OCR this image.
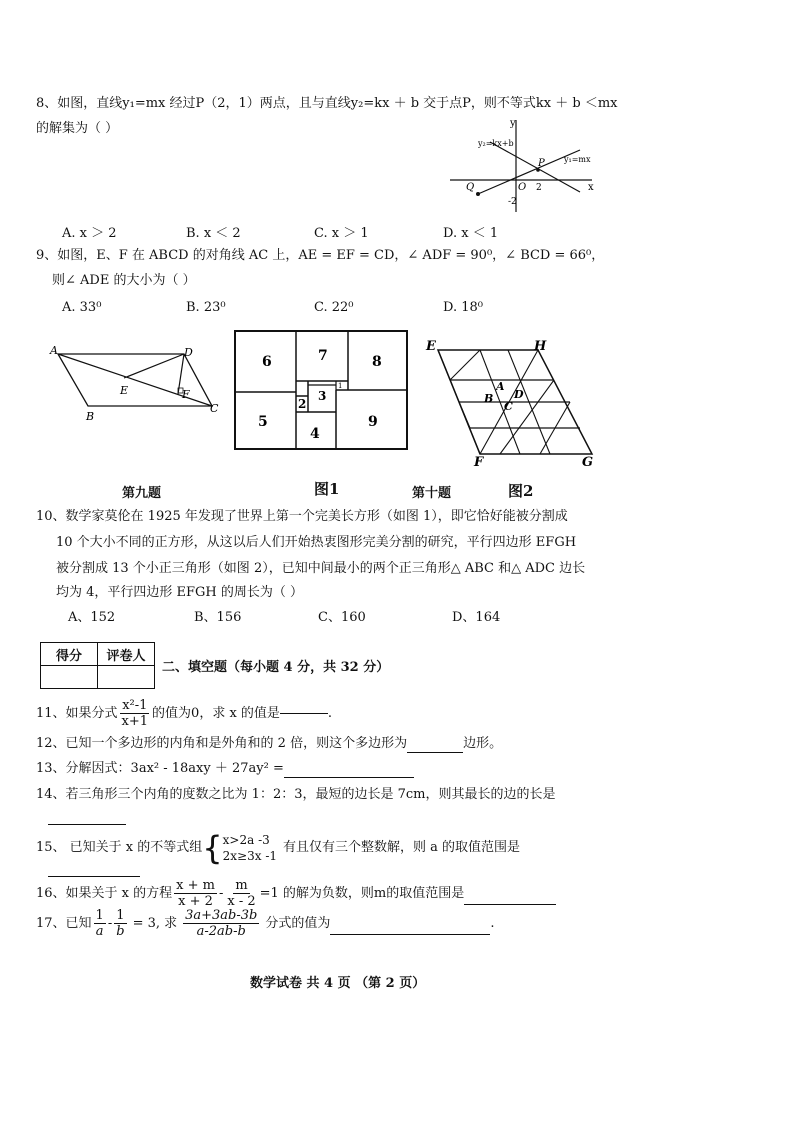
8、如图，直线y₁=mx 经过P（2，1）两点，且与直线y₂=kx ＋ b 交于点P，则不等式kx ＋ b ＜mx
的解集为（ ）	y
x
y₂=kx+b
y₁=mx
P
Q	O 2
-2
A. x ＞ 2	B. x ＜ 2	C. x ＞ 1	D. x ＜ 1
9、如图，E、F 在 ABCD 的对角线 AC 上，AE = EF = CD，∠ ADF = 90⁰，∠ BCD = 66⁰，
则∠ ADE 的大小为（ ）
A. 33⁰	B. 23⁰	C. 22⁰	D. 18⁰
A	D
E	F
B
C
第九题
6	7	8
5
2
3
4
9
1
图1
E	H
F	G
A
B
C
D
第十题	图2
10、数学家莫伦在 1925 年发现了世界上第一个完美长方形（如图 1），即它恰好能被分割成
10 个大小不同的正方形，从这以后人们开始热衷图形完美分割的研究，平行四边形 EFGH
被分割成 13 个小正三角形（如图 2），已知中间最小的两个正三角形△ ABC 和△ ADC 边长
均为 4，平行四边形 EFGH 的周长为（ ）
A、152	B、156	C、160	D、164
得分	评卷人

二、填空题（每小题 4 分，共 32 分）
11、如果分式 $\frac{\text{x²-1}}{x+1}$ 的值为0，求 x 的值是	.
12、已知一个多边形的内角和是外角和的 2 倍，则这个多边形为	边形。
13、分解因式：3ax² - 18axy ＋ 27ay² =
14、若三角形三个内角的度数之比为 1：2：3，最短的边长是 7cm，则其最长的边的长是
15、 已知关于 x 的不等式组 { x>2a -3
2x≥3x -1
有且仅有三个整数解，则 a 的取值范围是
16、如果关于 x 的方程 $\frac{x + m}{x + 2} - \frac{m}{x - 2} =1$ 的解为负数，则m的取值范围是
17、已知 $\frac{1}{a} - \frac{1}{b} = 3$, 求 $\frac{3a+3ab-3b}{a-2ab-b}$ 分式的值为	.
数学试卷 共 4 页 （第 2 页）
